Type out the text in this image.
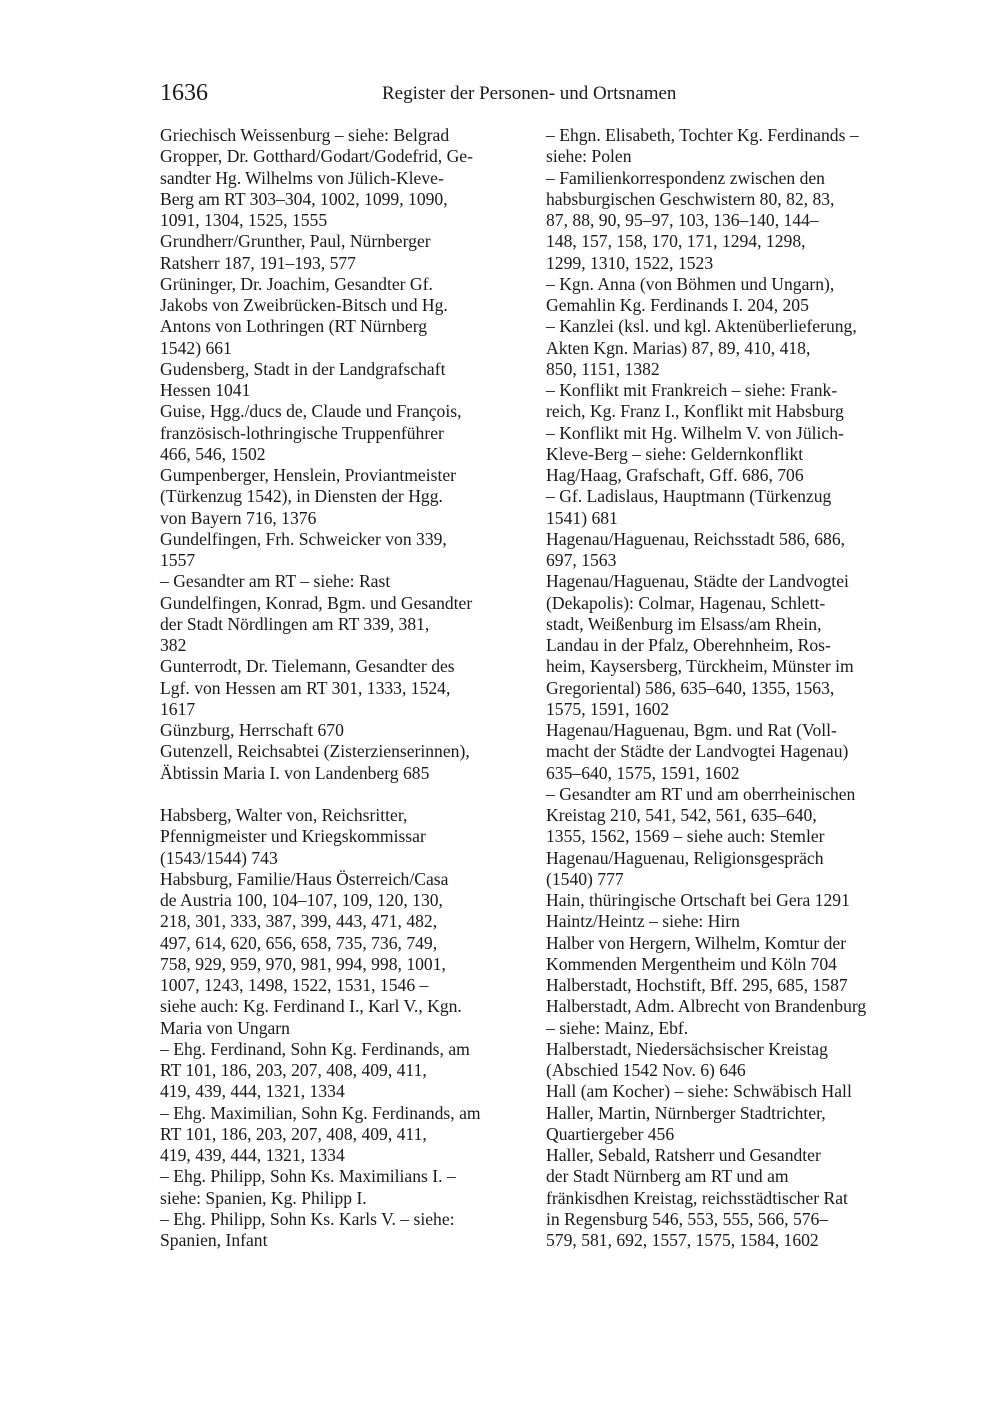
1636	Register der Personen- und Ortsnamen

Griechisch Weissenburg – siehe: Belgrad

Gropper, Dr. Gotthard/Godart/Godefrid, Ge-
sandter Hg. Wilhelms von Jülich-Kleve-
Berg am RT 303–304, 1002, 1099, 1090,
1091, 1304, 1525, 1555

Grundherr/Grunther, Paul, Nürnberger
Ratsherr 187, 191–193, 577

Grüninger, Dr. Joachim, Gesandter Gf.
Jakobs von Zweibrücken-Bitsch und Hg.
Antons von Lothringen (RT Nürnberg
1542) 661

Gudensberg, Stadt in der Landgrafschaft
Hessen 1041

Guise, Hgg./ducs de, Claude und François,
französisch-lothringische Truppenführer
466, 546, 1502

Gumpenberger, Henslein, Proviantmeister
(Türkenzug 1542), in Diensten der Hgg.
von Bayern 716, 1376

Gundelfingen, Frh. Schweicker von 339,
1557

– Gesandter am RT – siehe: Rast

Gundelfingen, Konrad, Bgm. und Gesandter
der Stadt Nördlingen am RT 339, 381,
382

Gunterrodt, Dr. Tielemann, Gesandter des
Lgf. von Hessen am RT 301, 1333, 1524,
1617

Günzburg, Herrschaft 670

Gutenzell, Reichsabtei (Zisterzienserinnen),
Äbtissin Maria I. von Landenberg 685

Habsberg, Walter von, Reichsritter,
Pfennigmeister und Kriegskommissar
(1543/1544) 743

Habsburg, Familie/Haus Österreich/Casa
de Austria 100, 104–107, 109, 120, 130,
218, 301, 333, 387, 399, 443, 471, 482,
497, 614, 620, 656, 658, 735, 736, 749,
758, 929, 959, 970, 981, 994, 998, 1001,
1007, 1243, 1498, 1522, 1531, 1546 –
siehe auch: Kg. Ferdinand I., Karl V., Kgn.
Maria von Ungarn

– Ehg. Ferdinand, Sohn Kg. Ferdinands, am
RT 101, 186, 203, 207, 408, 409, 411,
419, 439, 444, 1321, 1334

– Ehg. Maximilian, Sohn Kg. Ferdinands, am
RT 101, 186, 203, 207, 408, 409, 411,
419, 439, 444, 1321, 1334

– Ehg. Philipp, Sohn Ks. Maximilians I. –
siehe: Spanien, Kg. Philipp I.

– Ehg. Philipp, Sohn Ks. Karls V. – siehe:
Spanien, Infant

– Ehgn. Elisabeth, Tochter Kg. Ferdinands –
siehe: Polen

– Familienkorrespondenz zwischen den
habsburgischen Geschwistern 80, 82, 83,
87, 88, 90, 95–97, 103, 136–140, 144–
148, 157, 158, 170, 171, 1294, 1298,
1299, 1310, 1522, 1523

– Kgn. Anna (von Böhmen und Ungarn),
Gemahlin Kg. Ferdinands I. 204, 205

– Kanzlei (ksl. und kgl. Aktenüberlieferung,
Akten Kgn. Marias) 87, 89, 410, 418,
850, 1151, 1382

– Konflikt mit Frankreich – siehe: Frank-
reich, Kg. Franz I., Konflikt mit Habsburg

– Konflikt mit Hg. Wilhelm V. von Jülich-
Kleve-Berg – siehe: Geldernkonflikt

Hag/Haag, Grafschaft, Gff. 686, 706

– Gf. Ladislaus, Hauptmann (Türkenzug
1541) 681

Hagenau/Haguenau, Reichsstadt 586, 686,
697, 1563

Hagenau/Haguenau, Städte der Landvogtei
(Dekapolis): Colmar, Hagenau, Schlett-
stadt, Weißenburg im Elsass/am Rhein,
Landau in der Pfalz, Oberehnheim, Ros-
heim, Kaysersberg, Türckheim, Münster im
Gregoriental) 586, 635–640, 1355, 1563,
1575, 1591, 1602

Hagenau/Haguenau, Bgm. und Rat (Voll-
macht der Städte der Landvogtei Hagenau)
635–640, 1575, 1591, 1602

– Gesandter am RT und am oberrheinischen
Kreistag 210, 541, 542, 561, 635–640,
1355, 1562, 1569 – siehe auch: Stemler

Hagenau/Haguenau, Religionsgespräch
(1540) 777

Hain, thüringische Ortschaft bei Gera 1291

Haintz/Heintz – siehe: Hirn

Halber von Hergern, Wilhelm, Komtur der
Kommenden Mergentheim und Köln 704

Halberstadt, Hochstift, Bff. 295, 685, 1587

Halberstadt, Adm. Albrecht von Brandenburg
– siehe: Mainz, Ebf.

Halberstadt, Niedersächsischer Kreistag
(Abschied 1542 Nov. 6) 646

Hall (am Kocher) – siehe: Schwäbisch Hall

Haller, Martin, Nürnberger Stadtrichter,
Quartiergeber 456

Haller, Sebald, Ratsherr und Gesandter
der Stadt Nürnberg am RT und am
fränkisdhen Kreistag, reichsstädtischer Rat
in Regensburg 546, 553, 555, 566, 576–
579, 581, 692, 1557, 1575, 1584, 1602
